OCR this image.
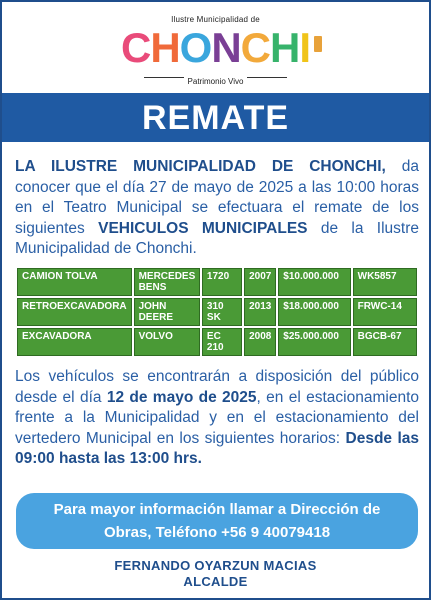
Ilustre Municipalidad de
CHONCHI
Patrimonio Vivo
REMATE
LA ILUSTRE MUNICIPALIDAD DE CHONCHI, da conocer que el día 27 de mayo de 2025 a las 10:00 horas en el Teatro Municipal se efectuara el remate de los siguientes VEHICULOS MUNICIPALES de la Ilustre Municipalidad de Chonchi.
CAMION TOLVA	MERCEDES BENS	1720	2007	$10.000.000	WK5857
RETROEXCAVADORA	JOHN DEERE	310 SK	2013	$18.000.000	FRWC-14
EXCAVADORA	VOLVO	EC 210	2008	$25.000.000	BGCB-67
Los vehículos se encontrarán a disposición del público desde el día 12 de mayo de 2025, en el estacionamiento frente a la Municipalidad y en el estacionamiento del vertedero Municipal en los siguientes horarios: Desde las 09:00 hasta las 13:00 hrs.
Para mayor información llamar a Dirección de
Obras, Teléfono +56 9 40079418
FERNANDO OYARZUN MACIAS
ALCALDE
